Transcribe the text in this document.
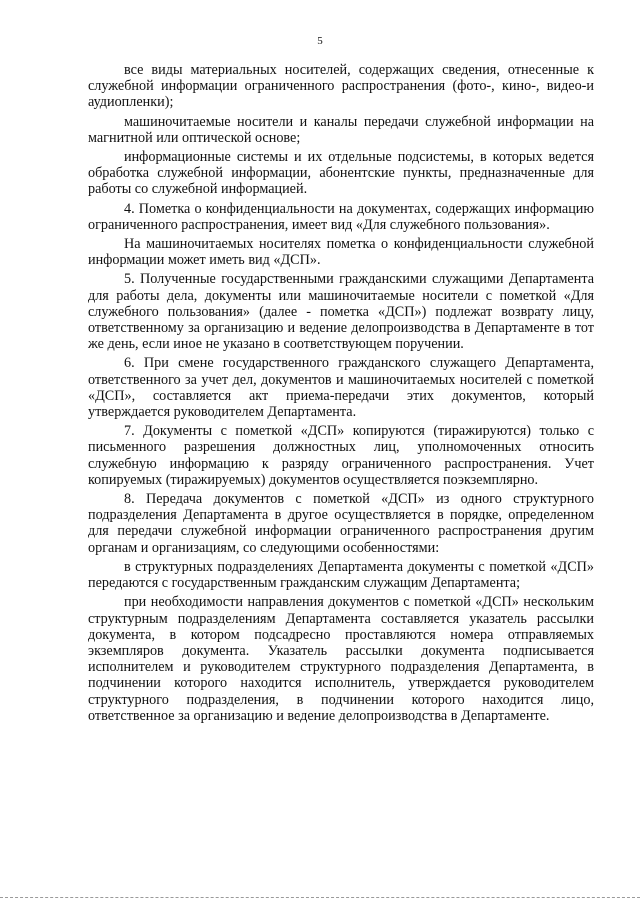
5

все виды материальных носителей, содержащих сведения, отнесенные к служебной информации ограниченного распространения (фото-, кино-, видео-и аудиопленки);

машиночитаемые носители и каналы передачи служебной информации на магнитной или оптической основе;

информационные системы и их отдельные подсистемы, в которых ведется обработка служебной информации, абонентские пункты, предназначенные для работы со служебной информацией.

4. Пометка о конфиденциальности на документах, содержащих информацию ограниченного распространения, имеет вид «Для служебного пользования».

На машиночитаемых носителях пометка о конфиденциальности служебной информации может иметь вид «ДСП».

5. Полученные государственными гражданскими служащими Департамента для работы дела, документы или машиночитаемые носители с пометкой «Для служебного пользования» (далее - пометка «ДСП») подлежат возврату лицу, ответственному за организацию и ведение делопроизводства в Департаменте в тот же день, если иное не указано в соответствующем поручении.

6. При смене государственного гражданского служащего Департамента, ответственного за учет дел, документов и машиночитаемых носителей с пометкой «ДСП», составляется акт приема-передачи этих документов, который утверждается руководителем Департамента.

7. Документы с пометкой «ДСП» копируются (тиражируются) только с письменного разрешения должностных лиц, уполномоченных относить служебную информацию к разряду ограниченного распространения. Учет копируемых (тиражируемых) документов осуществляется поэкземплярно.

8. Передача документов с пометкой «ДСП» из одного структурного подразделения Департамента в другое осуществляется в порядке, определенном для передачи служебной информации ограниченного распространения другим органам и организациям, со следующими особенностями:

в структурных подразделениях Департамента документы с пометкой «ДСП» передаются с государственным гражданским служащим Департамента;

при необходимости направления документов с пометкой «ДСП» нескольким структурным подразделениям Департамента составляется указатель рассылки документа, в котором подсадресно проставляются номера отправляемых экземпляров документа. Указатель рассылки документа подписывается исполнителем и руководителем структурного подразделения Департамента, в подчинении которого находится исполнитель, утверждается руководителем структурного подразделения, в подчинении которого находится лицо, ответственное за организацию и ведение делопроизводства в Департаменте.
